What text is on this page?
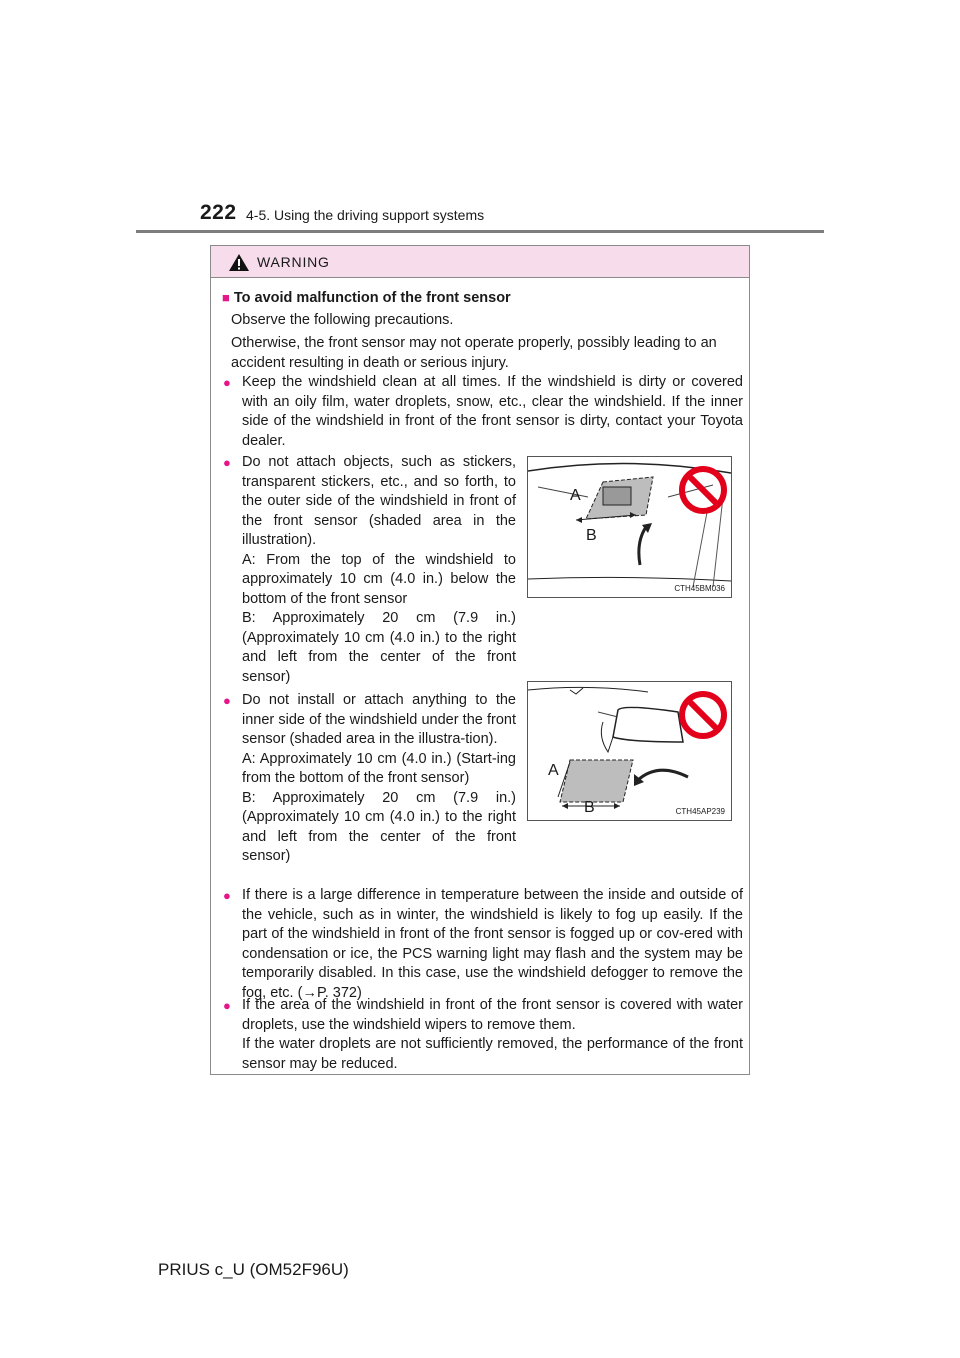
222 4-5. Using the driving support systems
WARNING
■ To avoid malfunction of the front sensor
Observe the following precautions.
Otherwise, the front sensor may not operate properly, possibly leading to an accident resulting in death or serious injury.
● Keep the windshield clean at all times. If the windshield is dirty or covered with an oily film, water droplets, snow, etc., clear the windshield. If the inner side of the windshield in front of the front sensor is dirty, contact your Toyota dealer.
● Do not attach objects, such as stickers, transparent stickers, etc., and so forth, to the outer side of the windshield in front of the front sensor (shaded area in the illustration).
A: From the top of the windshield to approximately 10 cm (4.0 in.) below the bottom of the front sensor
B: Approximately 20 cm (7.9 in.) (Approximately 10 cm (4.0 in.) to the right and left from the center of the front sensor)
A
B
CTH45BM036
● Do not install or attach anything to the inner side of the windshield under the front sensor (shaded area in the illustra-tion).
A: Approximately 10 cm (4.0 in.) (Start-ing from the bottom of the front sensor)
B: Approximately 20 cm (7.9 in.) (Approximately 10 cm (4.0 in.) to the right and left from the center of the front sensor)
A
B	CTH45AP239
● If there is a large difference in temperature between the inside and outside of the vehicle, such as in winter, the windshield is likely to fog up easily. If the part of the windshield in front of the front sensor is fogged up or cov-ered with condensation or ice, the PCS warning light may flash and the system may be temporarily disabled. In this case, use the windshield defogger to remove the fog, etc. (→P. 372)
● If the area of the windshield in front of the front sensor is covered with water droplets, use the windshield wipers to remove them.
If the water droplets are not sufficiently removed, the performance of the front sensor may be reduced.
PRIUS c_U (OM52F96U)
